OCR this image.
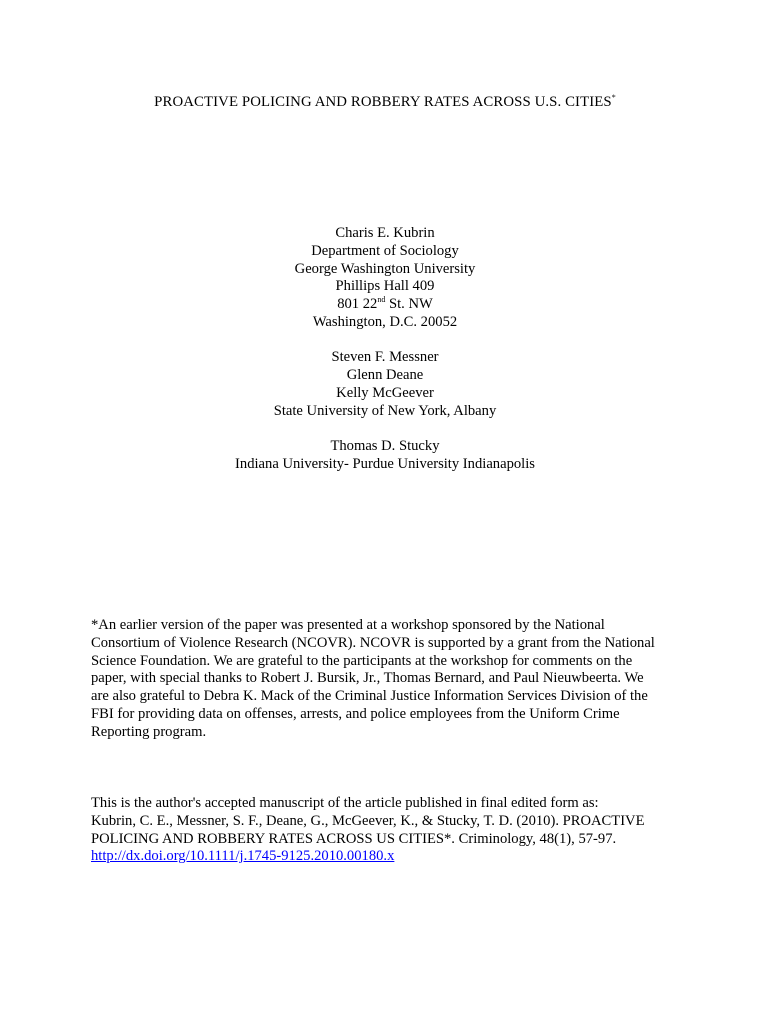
PROACTIVE POLICING AND ROBBERY RATES ACROSS U.S. CITIES*
Charis E. Kubrin
Department of Sociology
George Washington University
Phillips Hall 409
801 22nd St. NW
Washington, D.C. 20052
Steven F. Messner
Glenn Deane
Kelly McGeever
State University of New York, Albany
Thomas D. Stucky
Indiana University- Purdue University Indianapolis
*An earlier version of the paper was presented at a workshop sponsored by the National
Consortium of Violence Research (NCOVR). NCOVR is supported by a grant from the National
Science Foundation. We are grateful to the participants at the workshop for comments on the
paper, with special thanks to Robert J. Bursik, Jr., Thomas Bernard, and Paul Nieuwbeerta. We
are also grateful to Debra K. Mack of the Criminal Justice Information Services Division of the
FBI for providing data on offenses, arrests, and police employees from the Uniform Crime
Reporting program.
This is the author's accepted manuscript of the article published in final edited form as:
Kubrin, C. E., Messner, S. F., Deane, G., McGeever, K., & Stucky, T. D. (2010). PROACTIVE
POLICING AND ROBBERY RATES ACROSS US CITIES*. Criminology, 48(1), 57-97.
http://dx.doi.org/10.1111/j.1745-9125.2010.00180.x
